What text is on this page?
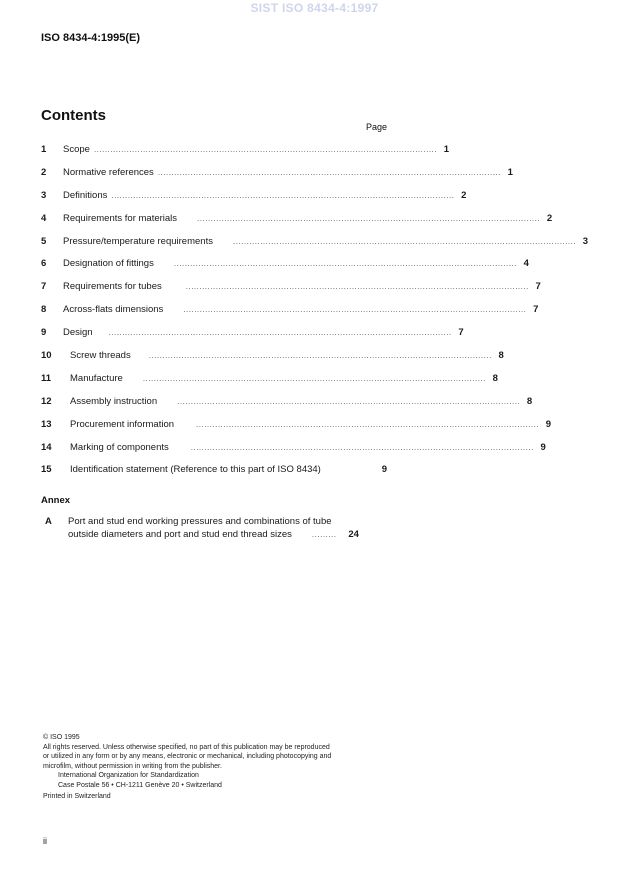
SIST ISO 8434-4:1997
ISO 8434-4:1995(E)
Contents
Page
1	Scope .............................................................................................................................. 1
2	Normative references .............................................................................................................................. 1
3	Definitions .............................................................................................................................. 2
4	Requirements for materials	.............................................................................................................................. 2
5	Pressure/temperature requirements	.............................................................................................................................. 3
6	Designation of fittings	.............................................................................................................................. 4
7	Requirements for tubes	.............................................................................................................................. 7
8	Across-flats dimensions	.............................................................................................................................. 7
9	Design .............................................................................................................................. 7
10	Screw threads .............................................................................................................................. 8
11	Manufacture	.............................................................................................................................. 8
12	Assembly instruction	.............................................................................................................................. 8
13	Procurement information	.............................................................................................................................. 9
14	Marking of components	.............................................................................................................................. 9
15	Identification statement (Reference to this part of ISO 8434)	9
Annex
A Port and stud end working pressures and combinations of tube
outside diameters and port and stud end thread sizes	.........	24
© ISO 1995
All rights reserved. Unless otherwise specified, no part of this publication may be reproduced
or utilized in any form or by any means, electronic or mechanical, including photocopying and
microfilm, without permission in writing from the publisher.
International Organization for Standardization
Case Postale 56 • CH-1211 Genève 20 • Switzerland
Printed in Switzerland
ii
